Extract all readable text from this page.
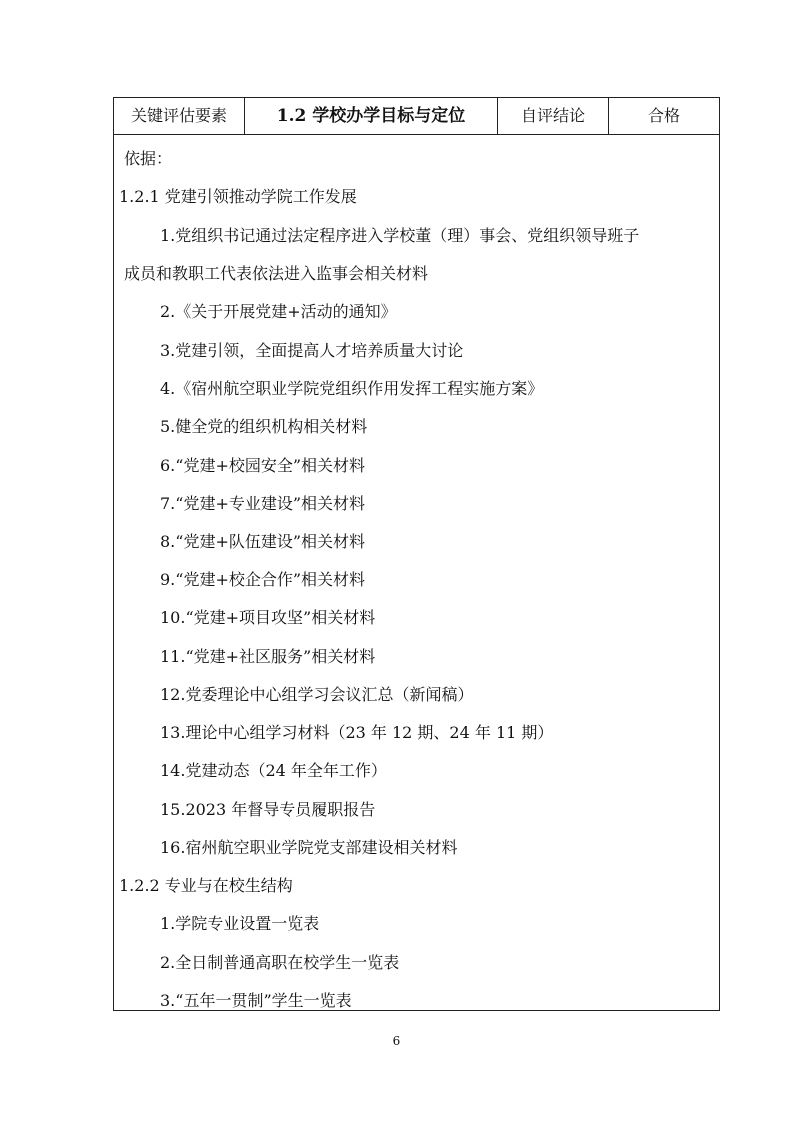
关键评估要素	1.2 学校办学目标与定位	自评结论	合格
依据：
1.2.1 党建引领推动学院工作发展
1.党组织书记通过法定程序进入学校董（理）事会、党组织领导班子
成员和教职工代表依法进入监事会相关材料
2.《关于开展党建+活动的通知》
3.党建引领，全面提高人才培养质量大讨论
4.《宿州航空职业学院党组织作用发挥工程实施方案》
5.健全党的组织机构相关材料
6.“党建+校园安全”相关材料
7.“党建+专业建设”相关材料
8.“党建+队伍建设”相关材料
9.“党建+校企合作”相关材料
10.“党建+项目攻坚”相关材料
11.“党建+社区服务”相关材料
12.党委理论中心组学习会议汇总（新闻稿）
13.理论中心组学习材料（23 年 12 期、24 年 11 期）
14.党建动态（24 年全年工作）
15.2023 年督导专员履职报告
16.宿州航空职业学院党支部建设相关材料
1.2.2 专业与在校生结构
1.学院专业设置一览表
2.全日制普通高职在校学生一览表
3.“五年一贯制”学生一览表
6
